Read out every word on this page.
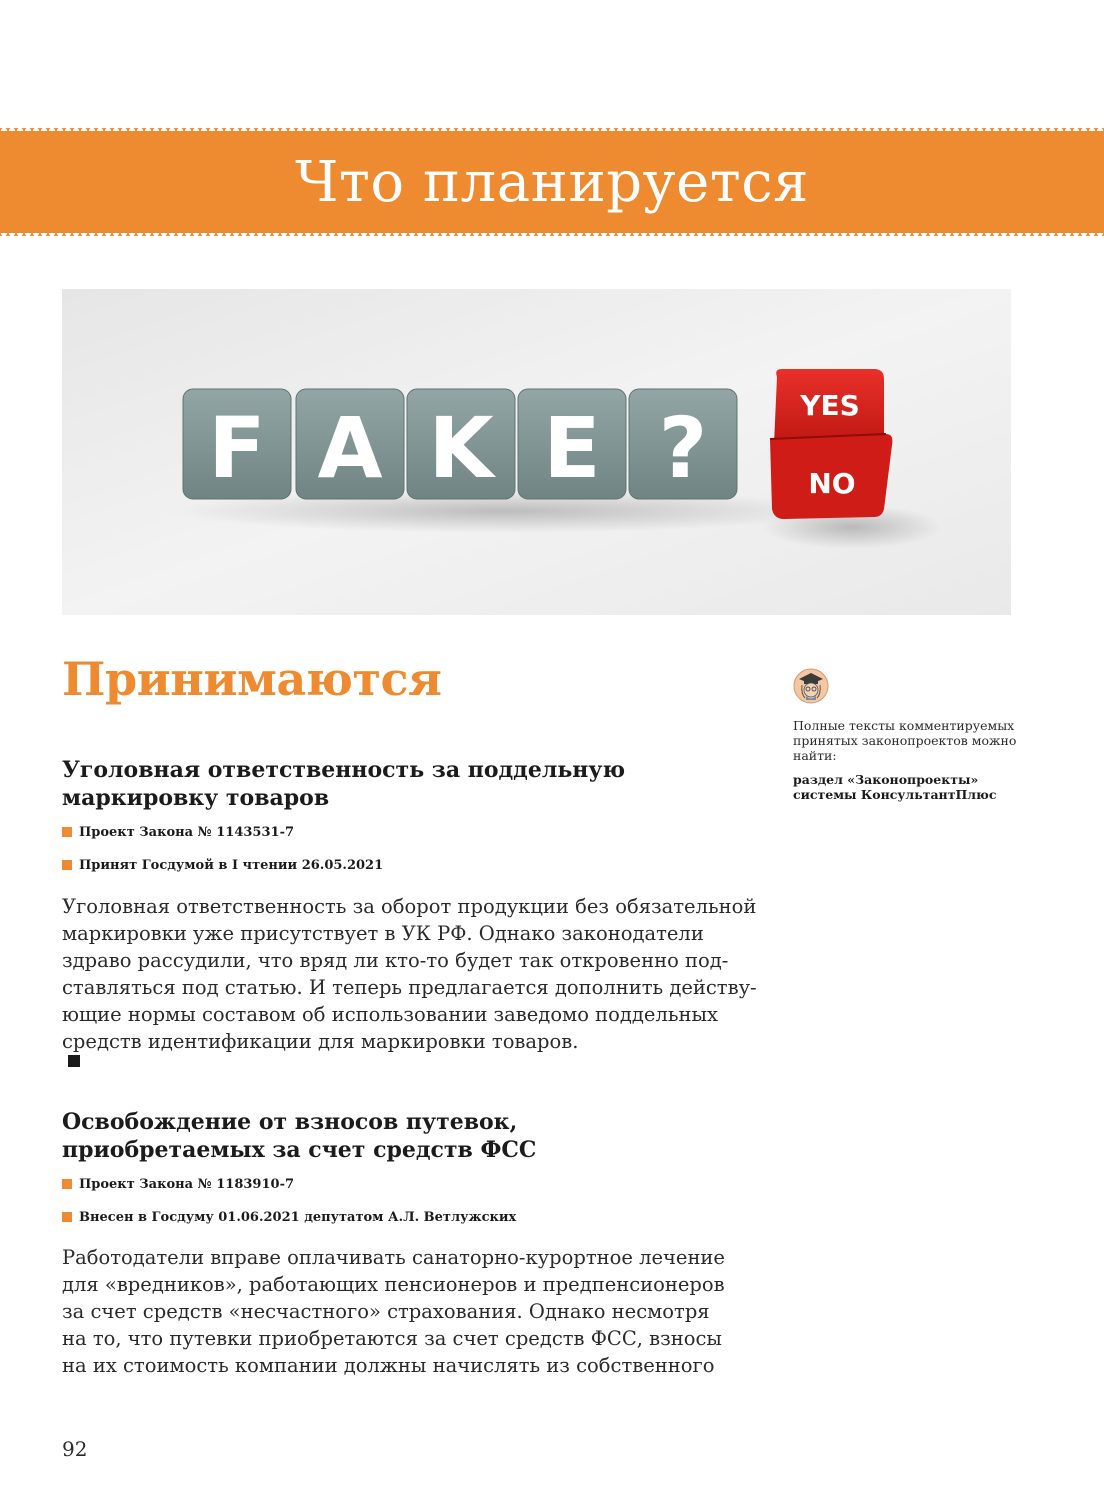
Что планируется
F A K E ?	YES
NO
Принимаются
Уголовная ответственность за поддельную
маркировку товаров
Проект Закона № 1143531-7
Принят Госдумой в I чтении 26.05.2021
Уголовная ответственность за оборот продукции без обязательной
маркировки уже присутствует в УК РФ. Однако законодатели
здраво рассудили, что вряд ли кто-то будет так откровенно под-
ставляться под статью. И теперь предлагается дополнить действу-
ющие нормы составом об использовании заведомо поддельных
средств идентификации для маркировки товаров.
Освобождение от взносов путевок,
приобретаемых за счет средств ФСС
Проект Закона № 1183910-7
Внесен в Госдуму 01.06.2021 депутатом А.Л. Ветлужских
Работодатели вправе оплачивать санаторно-курортное лечение
для «вредников», работающих пенсионеров и предпенсионеров
за счет средств «несчастного» страхования. Однако несмотря
на то, что путевки приобретаются за счет средств ФСС, взносы
на их стоимость компании должны начислять из собственного
Полные тексты комментируемых принятых законопроектов можно найти:
раздел «Законопроекты» системы КонсультантПлюс
92
